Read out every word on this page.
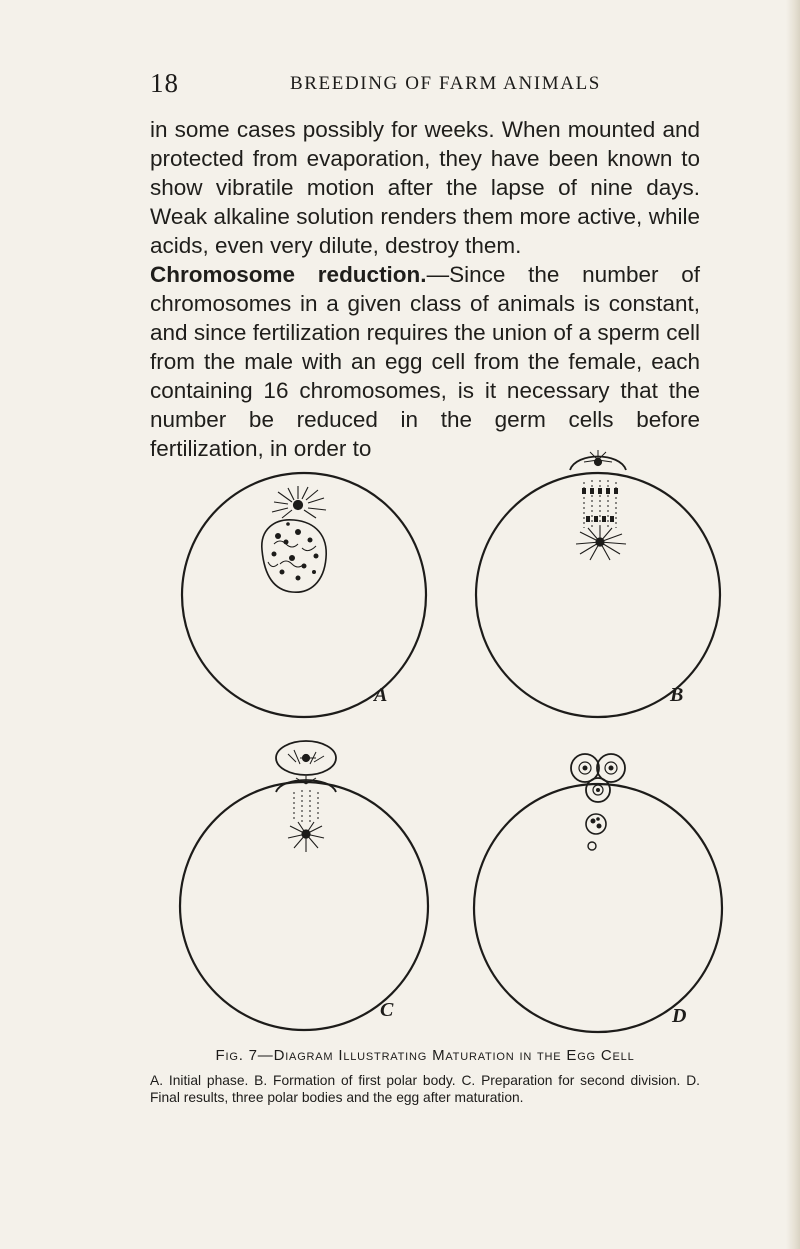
18	BREEDING OF FARM ANIMALS

in some cases possibly for weeks. When mounted and protected from evaporation, they have been known to show vibratile motion after the lapse of nine days. Weak alkaline solution renders them more active, while acids, even very dilute, destroy them.

Chromosome reduction.—Since the number of chromosomes in a given class of animals is constant, and since fertilization requires the union of a sperm cell from the male with an egg cell from the female, each containing 16 chromosomes, is it necessary that the number be reduced in the germ cells before fertilization, in order to

A	B
C	D
Fig. 7—Diagram Illustrating Maturation in the Egg Cell
A. Initial phase. B. Formation of first polar body. C. Preparation for second division. D. Final results, three polar bodies and the egg after maturation.
